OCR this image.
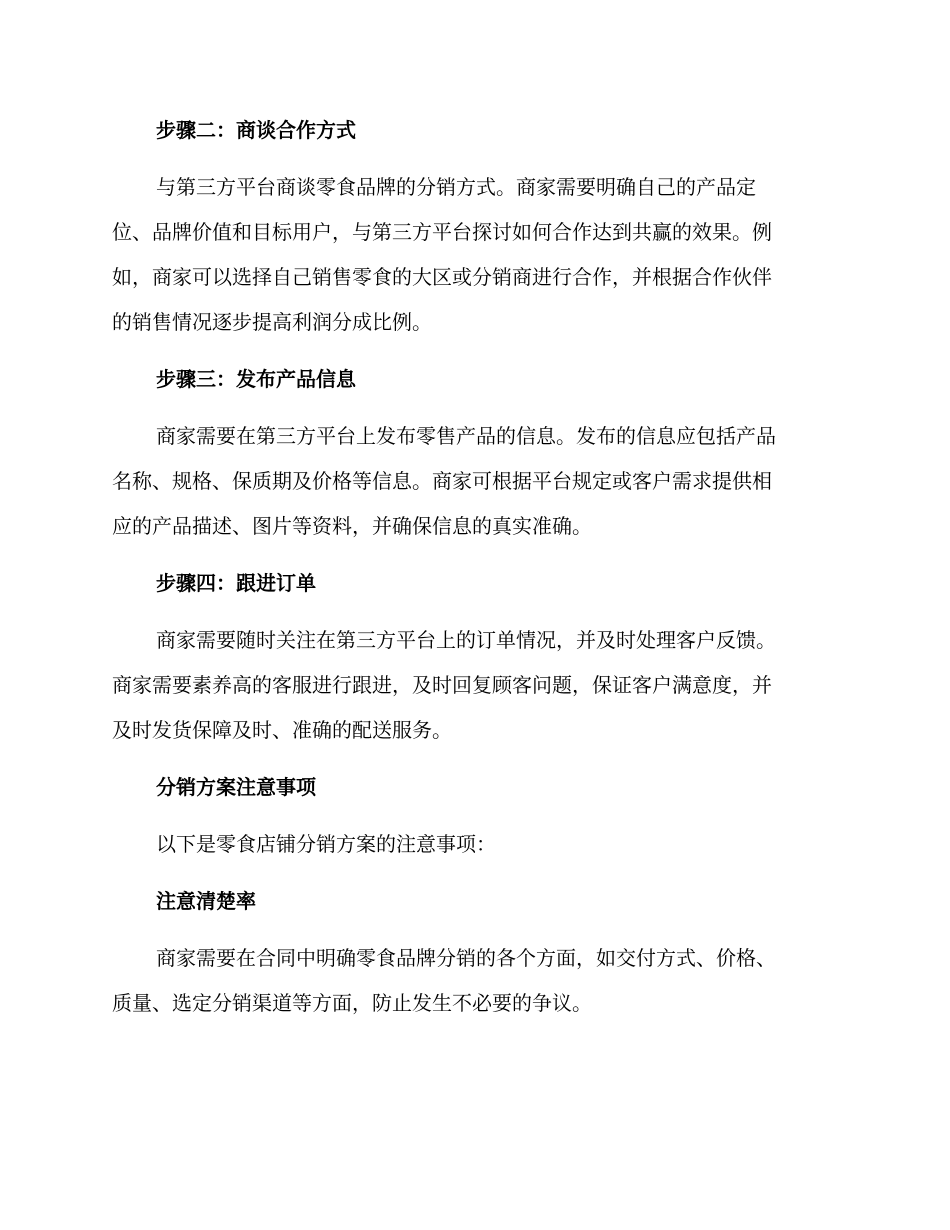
步骤二：商谈合作方式
与第三方平台商谈零食品牌的分销方式。商家需要明确自己的产品定
位、品牌价值和目标用户，与第三方平台探讨如何合作达到共赢的效果。例
如，商家可以选择自己销售零食的大区或分销商进行合作，并根据合作伙伴
的销售情况逐步提高利润分成比例。
步骤三：发布产品信息
商家需要在第三方平台上发布零售产品的信息。发布的信息应包括产品
名称、规格、保质期及价格等信息。商家可根据平台规定或客户需求提供相
应的产品描述、图片等资料，并确保信息的真实准确。
步骤四：跟进订单
商家需要随时关注在第三方平台上的订单情况，并及时处理客户反馈。
商家需要素养高的客服进行跟进，及时回复顾客问题，保证客户满意度，并
及时发货保障及时、准确的配送服务。
分销方案注意事项
以下是零食店铺分销方案的注意事项：
注意清楚率
商家需要在合同中明确零食品牌分销的各个方面，如交付方式、价格、
质量、选定分销渠道等方面，防止发生不必要的争议。
